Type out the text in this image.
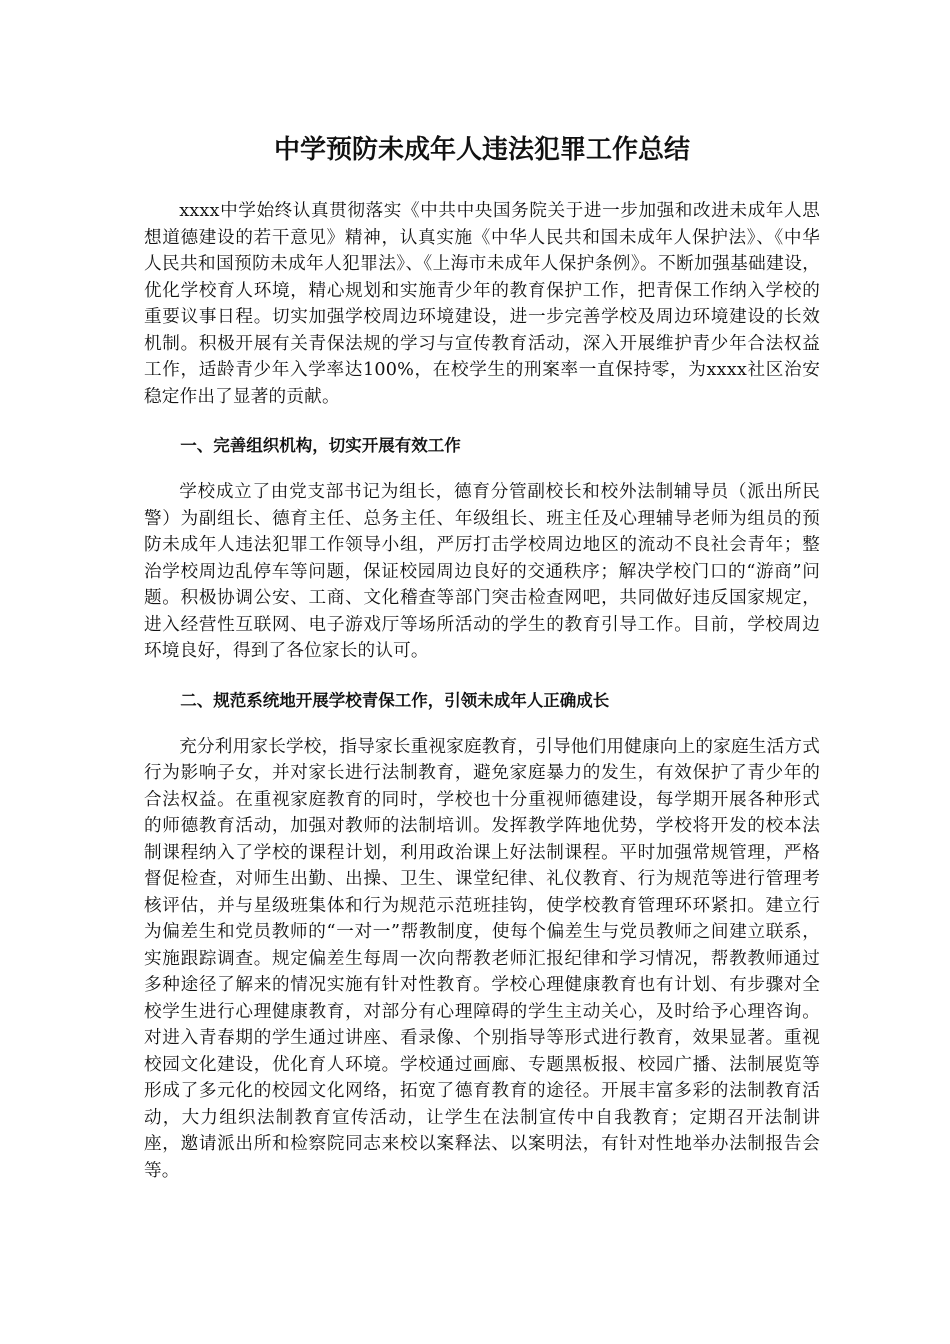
中学预防未成年人违法犯罪工作总结

xxxx中学始终认真贯彻落实《中共中央国务院关于进一步加强和改进未成年人思想道德建设的若干意见》精神，认真实施《中华人民共和国未成年人保护法》、《中华人民共和国预防未成年人犯罪法》、《上海市未成年人保护条例》。不断加强基础建设，优化学校育人环境，精心规划和实施青少年的教育保护工作，把青保工作纳入学校的重要议事日程。切实加强学校周边环境建设，进一步完善学校及周边环境建设的长效机制。积极开展有关青保法规的学习与宣传教育活动，深入开展维护青少年合法权益工作，适龄青少年入学率达100%，在校学生的刑案率一直保持零，为xxxx社区治安稳定作出了显著的贡献。

一、完善组织机构，切实开展有效工作

学校成立了由党支部书记为组长，德育分管副校长和校外法制辅导员（派出所民警）为副组长、德育主任、总务主任、年级组长、班主任及心理辅导老师为组员的预防未成年人违法犯罪工作领导小组，严厉打击学校周边地区的流动不良社会青年；整治学校周边乱停车等问题，保证校园周边良好的交通秩序；解决学校门口的“游商”问题。积极协调公安、工商、文化稽查等部门突击检查网吧，共同做好违反国家规定，进入经营性互联网、电子游戏厅等场所活动的学生的教育引导工作。目前，学校周边环境良好，得到了各位家长的认可。

二、规范系统地开展学校青保工作，引领未成年人正确成长

充分利用家长学校，指导家长重视家庭教育，引导他们用健康向上的家庭生活方式行为影响子女，并对家长进行法制教育，避免家庭暴力的发生，有效保护了青少年的合法权益。在重视家庭教育的同时，学校也十分重视师德建设，每学期开展各种形式的师德教育活动，加强对教师的法制培训。发挥教学阵地优势，学校将开发的校本法制课程纳入了学校的课程计划，利用政治课上好法制课程。平时加强常规管理，严格督促检查，对师生出勤、出操、卫生、课堂纪律、礼仪教育、行为规范等进行管理考核评估，并与星级班集体和行为规范示范班挂钩，使学校教育管理环环紧扣。建立行为偏差生和党员教师的“一对一”帮教制度，使每个偏差生与党员教师之间建立联系，实施跟踪调查。规定偏差生每周一次向帮教老师汇报纪律和学习情况，帮教教师通过多种途径了解来的情况实施有针对性教育。学校心理健康教育也有计划、有步骤对全校学生进行心理健康教育，对部分有心理障碍的学生主动关心，及时给予心理咨询。对进入青春期的学生通过讲座、看录像、个别指导等形式进行教育，效果显著。重视校园文化建设，优化育人环境。学校通过画廊、专题黑板报、校园广播、法制展览等形成了多元化的校园文化网络，拓宽了德育教育的途径。开展丰富多彩的法制教育活动，大力组织法制教育宣传活动，让学生在法制宣传中自我教育；定期召开法制讲座，邀请派出所和检察院同志来校以案释法、以案明法，有针对性地举办法制报告会等。
